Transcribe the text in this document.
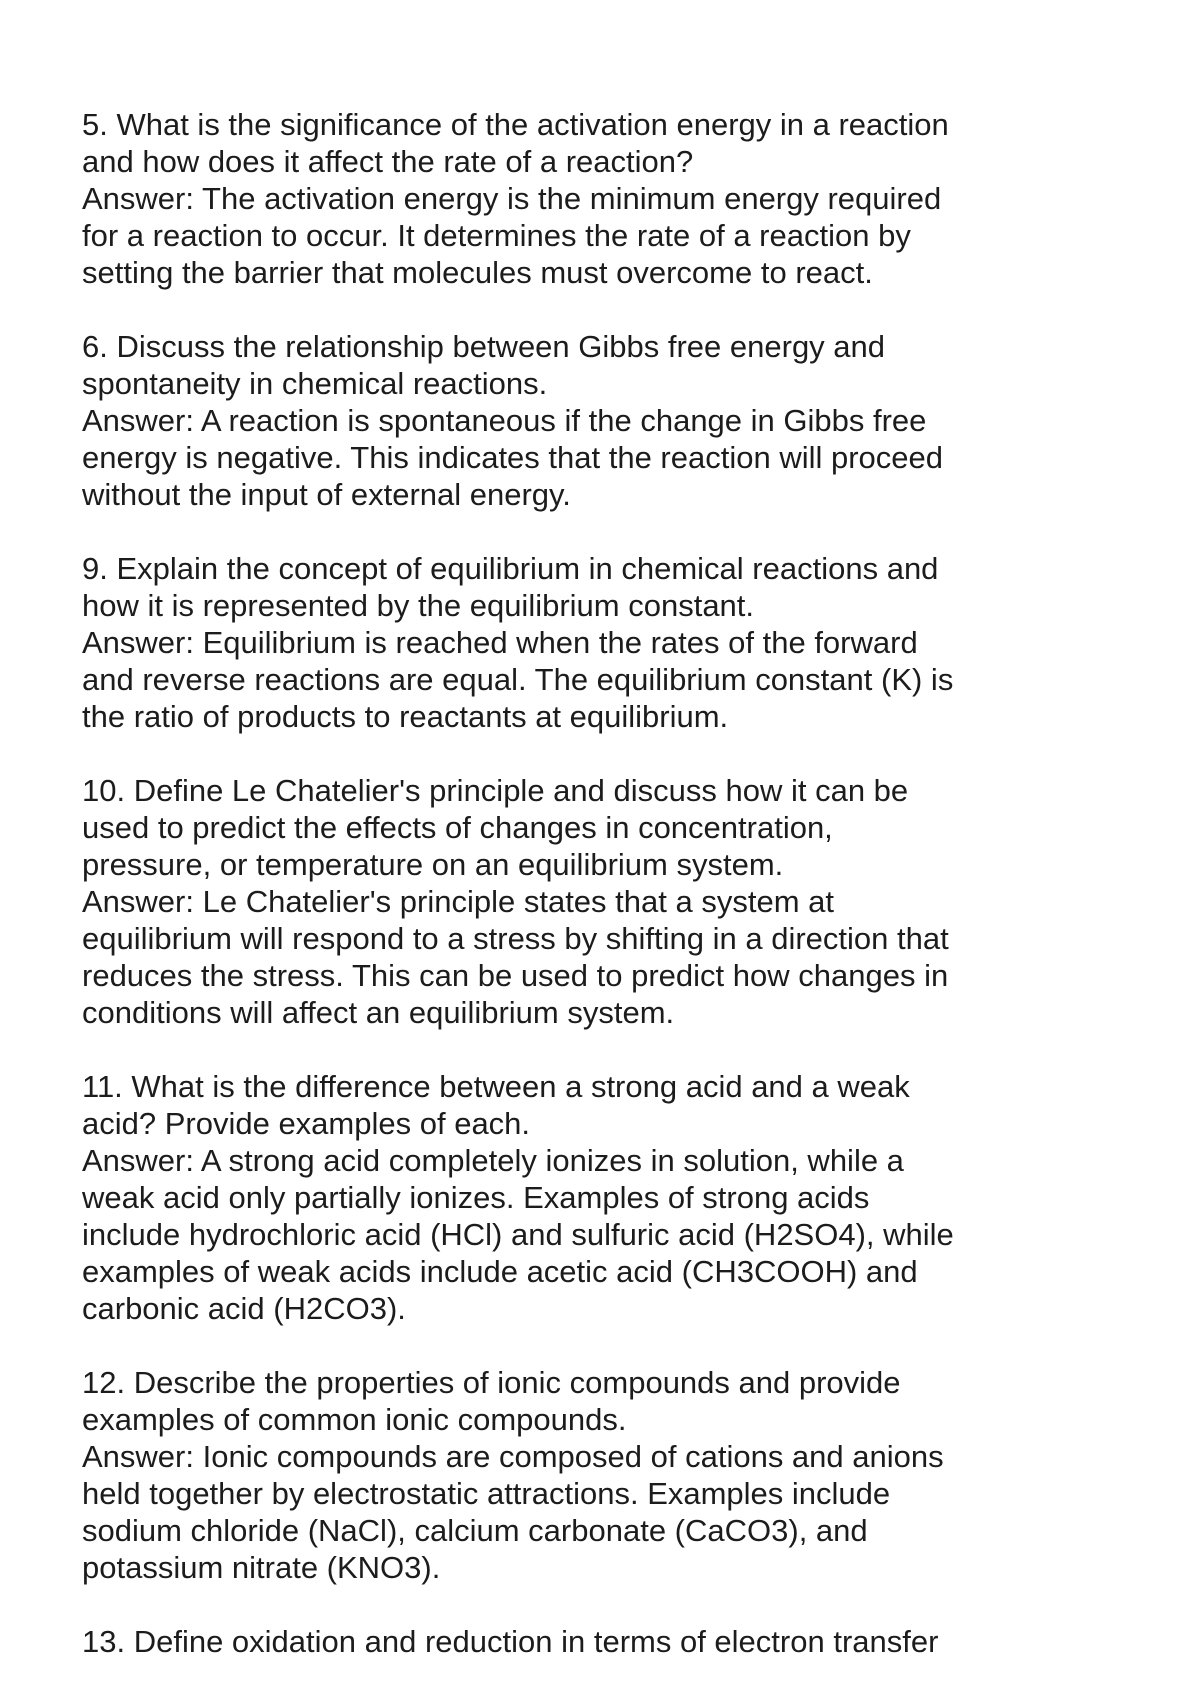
5. What is the significance of the activation energy in a reaction
and how does it affect the rate of a reaction?
Answer: The activation energy is the minimum energy required
for a reaction to occur. It determines the rate of a reaction by
setting the barrier that molecules must overcome to react.
6. Discuss the relationship between Gibbs free energy and
spontaneity in chemical reactions.
Answer: A reaction is spontaneous if the change in Gibbs free
energy is negative. This indicates that the reaction will proceed
without the input of external energy.
9. Explain the concept of equilibrium in chemical reactions and
how it is represented by the equilibrium constant.
Answer: Equilibrium is reached when the rates of the forward
and reverse reactions are equal. The equilibrium constant (K) is
the ratio of products to reactants at equilibrium.
10. Define Le Chatelier's principle and discuss how it can be
used to predict the effects of changes in concentration,
pressure, or temperature on an equilibrium system.
Answer: Le Chatelier's principle states that a system at
equilibrium will respond to a stress by shifting in a direction that
reduces the stress. This can be used to predict how changes in
conditions will affect an equilibrium system.
11. What is the difference between a strong acid and a weak
acid? Provide examples of each.
Answer: A strong acid completely ionizes in solution, while a
weak acid only partially ionizes. Examples of strong acids
include hydrochloric acid (HCl) and sulfuric acid (H2SO4), while
examples of weak acids include acetic acid (CH3COOH) and
carbonic acid (H2CO3).
12. Describe the properties of ionic compounds and provide
examples of common ionic compounds.
Answer: Ionic compounds are composed of cations and anions
held together by electrostatic attractions. Examples include
sodium chloride (NaCl), calcium carbonate (CaCO3), and
potassium nitrate (KNO3).
13. Define oxidation and reduction in terms of electron transfer
